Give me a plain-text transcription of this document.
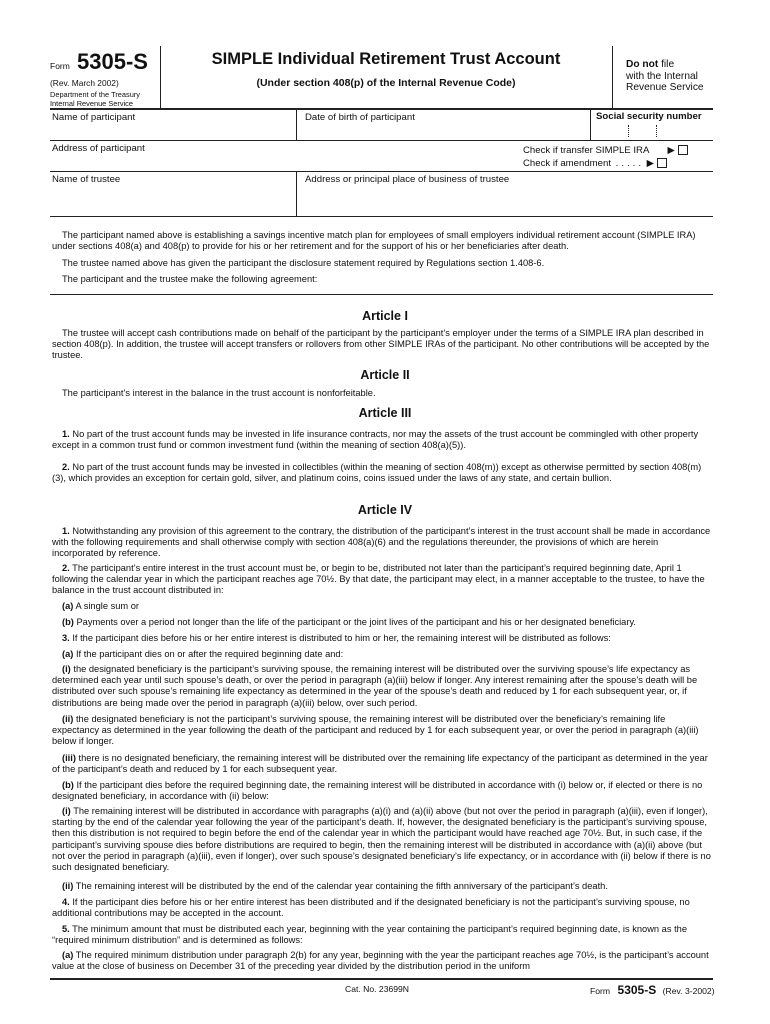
Form 5305-S
(Rev. March 2002)
Department of the Treasury
Internal Revenue Service
SIMPLE Individual Retirement Trust Account
(Under section 408(p) of the Internal Revenue Code)
Do not file
with the Internal
Revenue Service
Name of participant	Date of birth of participant	Social security number
Address of participant	Check if transfer SIMPLE IRA ▶
Check if amendment ..... ▶
Name of trustee	Address or principal place of business of trustee
The participant named above is establishing a savings incentive match plan for employees of small employers individual retirement account (SIMPLE IRA) under sections 408(a) and 408(p) to provide for his or her retirement and for the support of his or her beneficiaries after death.
The trustee named above has given the participant the disclosure statement required by Regulations section 1.408-6.
The participant and the trustee make the following agreement:
Article I
The trustee will accept cash contributions made on behalf of the participant by the participant’s employer under the terms of a SIMPLE IRA plan described in section 408(p). In addition, the trustee will accept transfers or rollovers from other SIMPLE IRAs of the participant. No other contributions will be accepted by the trustee.
Article II
The participant’s interest in the balance in the trust account is nonforfeitable.
Article III
1. No part of the trust account funds may be invested in life insurance contracts, nor may the assets of the trust account be commingled with other property except in a common trust fund or common investment fund (within the meaning of section 408(a)(5)).
2. No part of the trust account funds may be invested in collectibles (within the meaning of section 408(m)) except as otherwise permitted by section 408(m)(3), which provides an exception for certain gold, silver, and platinum coins, coins issued under the laws of any state, and certain bullion.
Article IV
1. Notwithstanding any provision of this agreement to the contrary, the distribution of the participant’s interest in the trust account shall be made in accordance with the following requirements and shall otherwise comply with section 408(a)(6) and the regulations thereunder, the provisions of which are herein incorporated by reference.
2. The participant’s entire interest in the trust account must be, or begin to be, distributed not later than the participant’s required beginning date, April 1 following the calendar year in which the participant reaches age 70½. By that date, the participant may elect, in a manner acceptable to the trustee, to have the balance in the trust account distributed in:
(a) A single sum or
(b) Payments over a period not longer than the life of the participant or the joint lives of the participant and his or her designated beneficiary.
3. If the participant dies before his or her entire interest is distributed to him or her, the remaining interest will be distributed as follows:
(a) If the participant dies on or after the required beginning date and:
(i) the designated beneficiary is the participant’s surviving spouse, the remaining interest will be distributed over the surviving spouse’s life expectancy as determined each year until such spouse’s death, or over the period in paragraph (a)(iii) below if longer. Any interest remaining after the spouse’s death will be distributed over such spouse’s remaining life expectancy as determined in the year of the spouse’s death and reduced by 1 for each subsequent year, or, if distributions are being made over the period in paragraph (a)(iii) below, over such period.
(ii) the designated beneficiary is not the participant’s surviving spouse, the remaining interest will be distributed over the beneficiary’s remaining life expectancy as determined in the year following the death of the participant and reduced by 1 for each subsequent year, or over the period in paragraph (a)(iii) below if longer.
(iii) there is no designated beneficiary, the remaining interest will be distributed over the remaining life expectancy of the participant as determined in the year of the participant’s death and reduced by 1 for each subsequent year.
(b) If the participant dies before the required beginning date, the remaining interest will be distributed in accordance with (i) below or, if elected or there is no designated beneficiary, in accordance with (ii) below:
(i) The remaining interest will be distributed in accordance with paragraphs (a)(i) and (a)(ii) above (but not over the period in paragraph (a)(iii), even if longer), starting by the end of the calendar year following the year of the participant’s death. If, however, the designated beneficiary is the participant’s surviving spouse, then this distribution is not required to begin before the end of the calendar year in which the participant would have reached age 70½. But, in such case, if the participant’s surviving spouse dies before distributions are required to begin, then the remaining interest will be distributed in accordance with (a)(ii) above (but not over the period in paragraph (a)(iii), even if longer), over such spouse’s designated beneficiary’s life expectancy, or in accordance with (ii) below if there is no such designated beneficiary.
(ii) The remaining interest will be distributed by the end of the calendar year containing the fifth anniversary of the participant’s death.
4. If the participant dies before his or her entire interest has been distributed and if the designated beneficiary is not the participant’s surviving spouse, no additional contributions may be accepted in the account.
5. The minimum amount that must be distributed each year, beginning with the year containing the participant’s required beginning date, is known as the “required minimum distribution” and is determined as follows:
(a) The required minimum distribution under paragraph 2(b) for any year, beginning with the year the participant reaches age 70½, is the participant’s account value at the close of business on December 31 of the preceding year divided by the distribution period in the uniform
Cat. No. 23699N	Form 5305-S (Rev. 3-2002)
